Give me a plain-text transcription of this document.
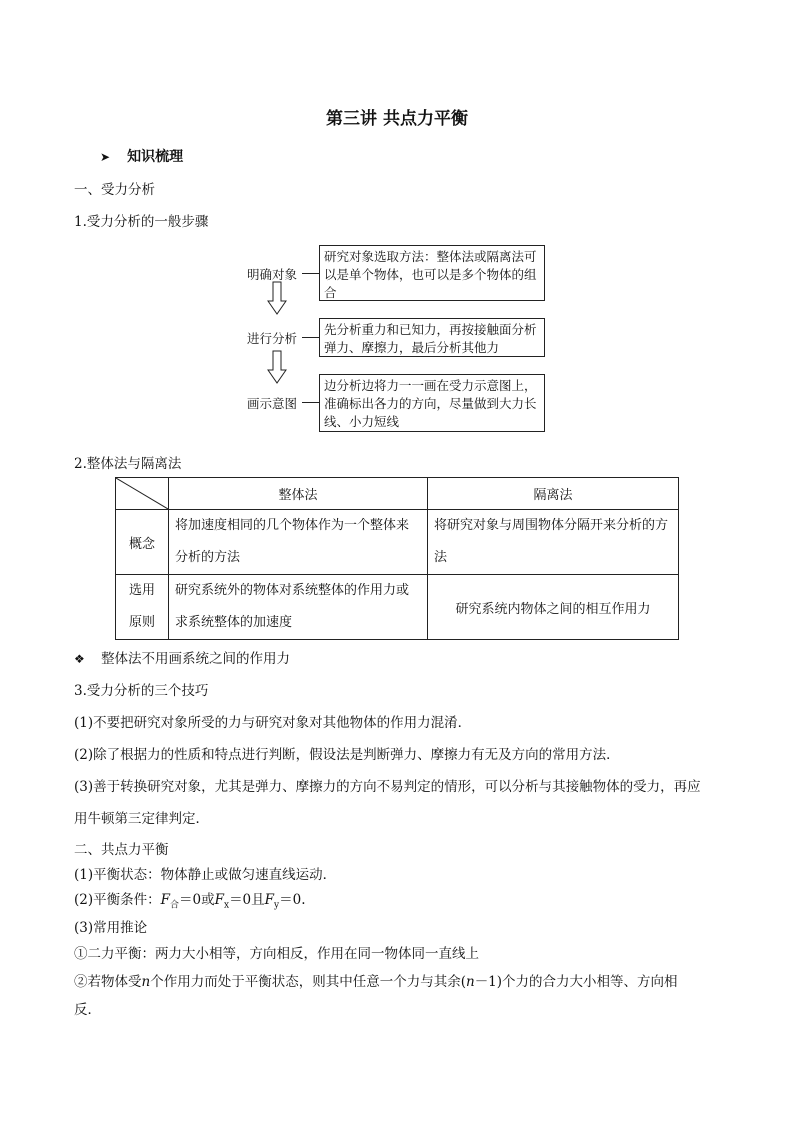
第三讲 共点力平衡
➤ 知识梳理
一、受力分析
1.受力分析的一般步骤
明确对象
研究对象选取方法：整体法或隔离法可以是单个物体，也可以是多个物体的组合
进行分析
先分析重力和已知力，再按接触面分析弹力、摩擦力，最后分析其他力
画示意图
边分析边将力一一画在受力示意图上，准确标出各力的方向，尽量做到大力长线、小力短线
2.整体法与隔离法
	整体法	隔离法
概念	将加速度相同的几个物体作为一个整体来分析的方法	将研究对象与周围物体分隔开来分析的方法
选用
原则	研究系统外的物体对系统整体的作用力或求系统整体的加速度	研究系统内物体之间的相互作用力
❖ 整体法不用画系统之间的作用力
3.受力分析的三个技巧
(1)不要把研究对象所受的力与研究对象对其他物体的作用力混淆．
(2)除了根据力的性质和特点进行判断，假设法是判断弹力、摩擦力有无及方向的常用方法．
(3)善于转换研究对象，尤其是弹力、摩擦力的方向不易判定的情形，可以分析与其接触物体的受力，再应
用牛顿第三定律判定．
二、共点力平衡
(1)平衡状态：物体静止或做匀速直线运动．
(2)平衡条件：$F_合=0$或$F_x=0$且$F_y=0$.
(3)常用推论
①二力平衡：两力大小相等，方向相反，作用在同一物体同一直线上
②若物体受n个作用力而处于平衡状态，则其中任意一个力与其余(n－1)个力的合力大小相等、方向相
反．
